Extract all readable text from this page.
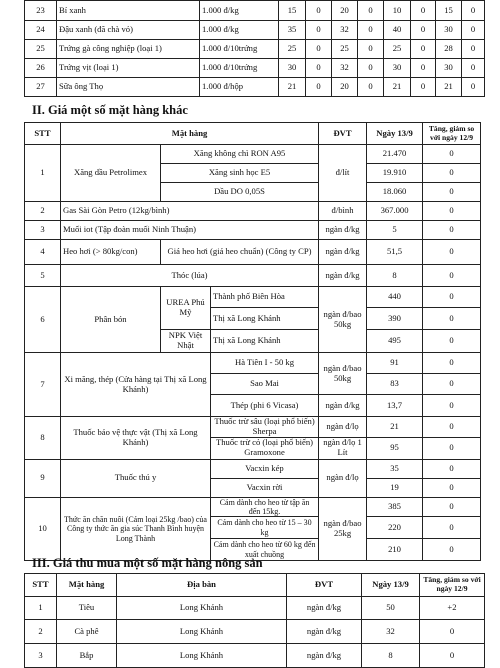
23	Bí xanh	1.000 đ/kg	15	0	20	0	10	0	15	0
24	Đậu xanh (đã chà vỏ)	1.000 đ/kg	35	0	32	0	40	0	30	0
25	Trứng gà công nghiệp (loại 1)	1.000 đ/10trứng	25	0	25	0	25	0	28	0
26	Trứng vịt (loại 1)	1.000 đ/10trứng	30	0	32	0	30	0	30	0
27	Sữa ông Thọ	1.000 đ/hộp	21	0	20	0	21	0	21	0
II. Giá một số mặt hàng khác
STT	Mặt hàng			ĐVT	Ngày 13/9	Tăng, giảm so với ngày 12/9
1	Xăng dầu Petrolimex	Xăng không chì RON A95		đ/lít	21.470	0
		Xăng sinh học E5			19.910	0
		Dầu DO 0,05S			18.060	0
2	Gas Sài Gòn Petro (12kg/bình)			đ/bình	367.000	0
3	Muối iot (Tập đoàn muối Ninh Thuận)			ngàn đ/kg	5	0
4	Heo hơi (> 80kg/con)	Giá heo hơi (giá heo chuẩn) (Công ty CP)		ngàn đ/kg	51,5	0
5	Thóc (lúa)			ngàn đ/kg	8	0
6	Phân bón	UREA Phú Mỹ	Thành phố Biên Hòa	ngàn đ/bao 50kg	440	0
			Thị xã Long Khánh		390	0
		NPK Việt Nhật	Thị xã Long Khánh		495	0
7	Xi măng, thép (Cửa hàng tại Thị xã Long Khánh)		Hà Tiên I - 50 kg	ngàn đ/bao 50kg	91	0
			Sao Mai		83	0
			Thép (phi 6 Vicasa)	ngàn đ/kg	13,7	0
8	Thuốc bảo vệ thực vật (Thị xã Long Khánh)		Thuốc trừ sâu (loại phổ biến) Sherpa	ngàn đ/lọ	21	0
			Thuốc trừ cỏ (loại phổ biến) Gramoxone	ngàn đ/lọ 1 Lít	95	0
9	Thuốc thú y		Vacxin kép	ngàn đ/lọ	35	0
			Vacxin rời		19	0
10	Thức ăn chăn nuôi (Cám loại 25kg /bao) của Công ty thức ăn gia súc Thanh Bình huyện Long Thành		Cám dành cho heo từ tập ăn đến 15kg.	ngàn đ/bao 25kg	385	0
			Cám dành cho heo từ 15 – 30 kg		220	0
			Cám dành cho heo từ 60 kg đến xuất chuồng		210	0
III. Giá thu mua một số mặt hàng nông sản
STT	Mặt hàng	Địa bàn	ĐVT	Ngày 13/9	Tăng, giảm so với ngày 12/9
1	Tiêu	Long Khánh	ngàn đ/kg	50	+2
2	Cà phê	Long Khánh	ngàn đ/kg	32	0
3	Bắp	Long Khánh	ngàn đ/kg	8	0
